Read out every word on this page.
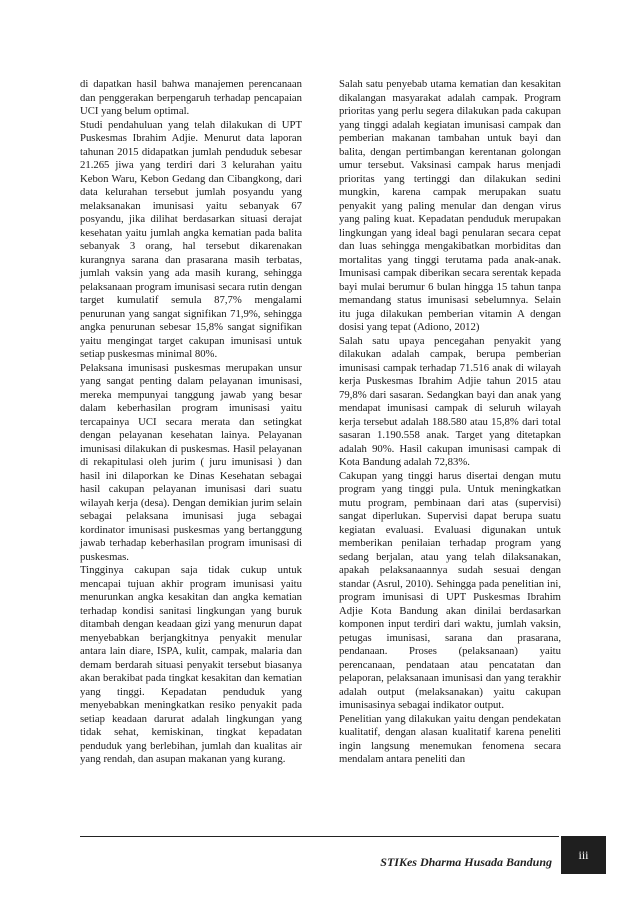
di dapatkan hasil bahwa manajemen perencanaan dan penggerakan berpengaruh terhadap pencapaian UCI yang belum optimal.

Studi pendahuluan yang telah dilakukan di UPT Puskesmas Ibrahim Adjie. Menurut data laporan tahunan 2015 didapatkan jumlah penduduk sebesar 21.265 jiwa yang terdiri dari 3 kelurahan yaitu Kebon Waru, Kebon Gedang dan Cibangkong, dari data kelurahan tersebut jumlah posyandu yang melaksanakan imunisasi yaitu sebanyak 67 posyandu, jika dilihat berdasarkan situasi derajat kesehatan yaitu jumlah angka kematian pada balita sebanyak 3 orang, hal tersebut dikarenakan kurangnya sarana dan prasarana masih terbatas, jumlah vaksin yang ada masih kurang, sehingga pelaksanaan program imunisasi secara rutin dengan target kumulatif semula 87,7% mengalami penurunan yang sangat signifikan 71,9%, sehingga angka penurunan sebesar 15,8% sangat signifikan yaitu mengingat target cakupan imunisasi untuk setiap puskesmas minimal 80%.

Pelaksana imunisasi puskesmas merupakan unsur yang sangat penting dalam pelayanan imunisasi, mereka mempunyai tanggung jawab yang besar dalam keberhasilan program imunisasi yaitu tercapainya UCI secara merata dan setingkat dengan pelayanan kesehatan lainya. Pelayanan imunisasi dilakukan di puskesmas. Hasil pelayanan di rekapitulasi oleh jurim ( juru imunisasi ) dan hasil ini dilaporkan ke Dinas Kesehatan sebagai hasil cakupan pelayanan imunisasi dari suatu wilayah kerja (desa). Dengan demikian jurim selain sebagai pelaksana imunisasi juga sebagai kordinator imunisasi puskesmas yang bertanggung jawab terhadap keberhasilan program imunisasi di puskesmas.

Tingginya cakupan saja tidak cukup untuk mencapai tujuan akhir program imunisasi yaitu menurunkan angka kesakitan dan angka kematian terhadap kondisi sanitasi lingkungan yang buruk ditambah dengan keadaan gizi yang menurun dapat menyebabkan berjangkitnya penyakit menular antara lain diare, ISPA, kulit, campak, malaria dan demam berdarah situasi penyakit tersebut biasanya akan berakibat pada tingkat kesakitan dan kematian yang tinggi. Kepadatan penduduk yang menyebabkan meningkatkan resiko penyakit pada setiap keadaan darurat adalah lingkungan yang tidak sehat, kemiskinan, tingkat kepadatan penduduk yang berlebihan, jumlah dan kualitas air yang rendah, dan asupan makanan yang kurang.

Salah satu penyebab utama kematian dan kesakitan dikalangan masyarakat adalah campak. Program prioritas yang perlu segera dilakukan pada cakupan yang tinggi adalah kegiatan imunisasi campak dan pemberian makanan tambahan untuk bayi dan balita, dengan pertimbangan kerentanan golongan umur tersebut. Vaksinasi campak harus menjadi prioritas yang tertinggi dan dilakukan sedini mungkin, karena campak merupakan suatu penyakit yang paling menular dan dengan virus yang paling kuat. Kepadatan penduduk merupakan lingkungan yang ideal bagi penularan secara cepat dan luas sehingga mengakibatkan morbiditas dan mortalitas yang tinggi terutama pada anak-anak. Imunisasi campak diberikan secara serentak kepada bayi mulai berumur 6 bulan hingga 15 tahun tanpa memandang status imunisasi sebelumnya. Selain itu juga dilakukan pemberian vitamin A dengan dosisi yang tepat (Adiono, 2012)

Salah satu upaya pencegahan penyakit yang dilakukan adalah campak, berupa pemberian imunisasi campak terhadap 71.516 anak di wilayah kerja Puskesmas Ibrahim Adjie tahun 2015 atau 79,8% dari sasaran. Sedangkan bayi dan anak yang mendapat imunisasi campak di seluruh wilayah kerja tersebut adalah 188.580 atau 15,8% dari total sasaran 1.190.558 anak. Target yang ditetapkan adalah 90%. Hasil cakupan imunisasi campak di Kota Bandung adalah 72,83%.

Cakupan yang tinggi harus disertai dengan mutu program yang tinggi pula. Untuk meningkatkan mutu program, pembinaan dari atas (supervisi) sangat diperlukan. Supervisi dapat berupa suatu kegiatan evaluasi. Evaluasi digunakan untuk memberikan penilaian terhadap program yang sedang berjalan, atau yang telah dilaksanakan, apakah pelaksanaannya sudah sesuai dengan standar (Asrul, 2010). Sehingga pada penelitian ini, program imunisasi di UPT Puskesmas Ibrahim Adjie Kota Bandung akan dinilai berdasarkan komponen input terdiri dari waktu, jumlah vaksin, petugas imunisasi, sarana dan prasarana, pendanaan. Proses (pelaksanaan) yaitu perencanaan, pendataan atau pencatatan dan pelaporan, pelaksanaan imunisasi dan yang terakhir adalah output (melaksanakan) yaitu cakupan imunisasinya sebagai indikator output.

Penelitian yang dilakukan yaitu dengan pendekatan kualitatif, dengan alasan kualitatif karena peneliti ingin langsung menemukan fenomena secara mendalam antara peneliti dan

STIKes Dharma Husada Bandung	iii
